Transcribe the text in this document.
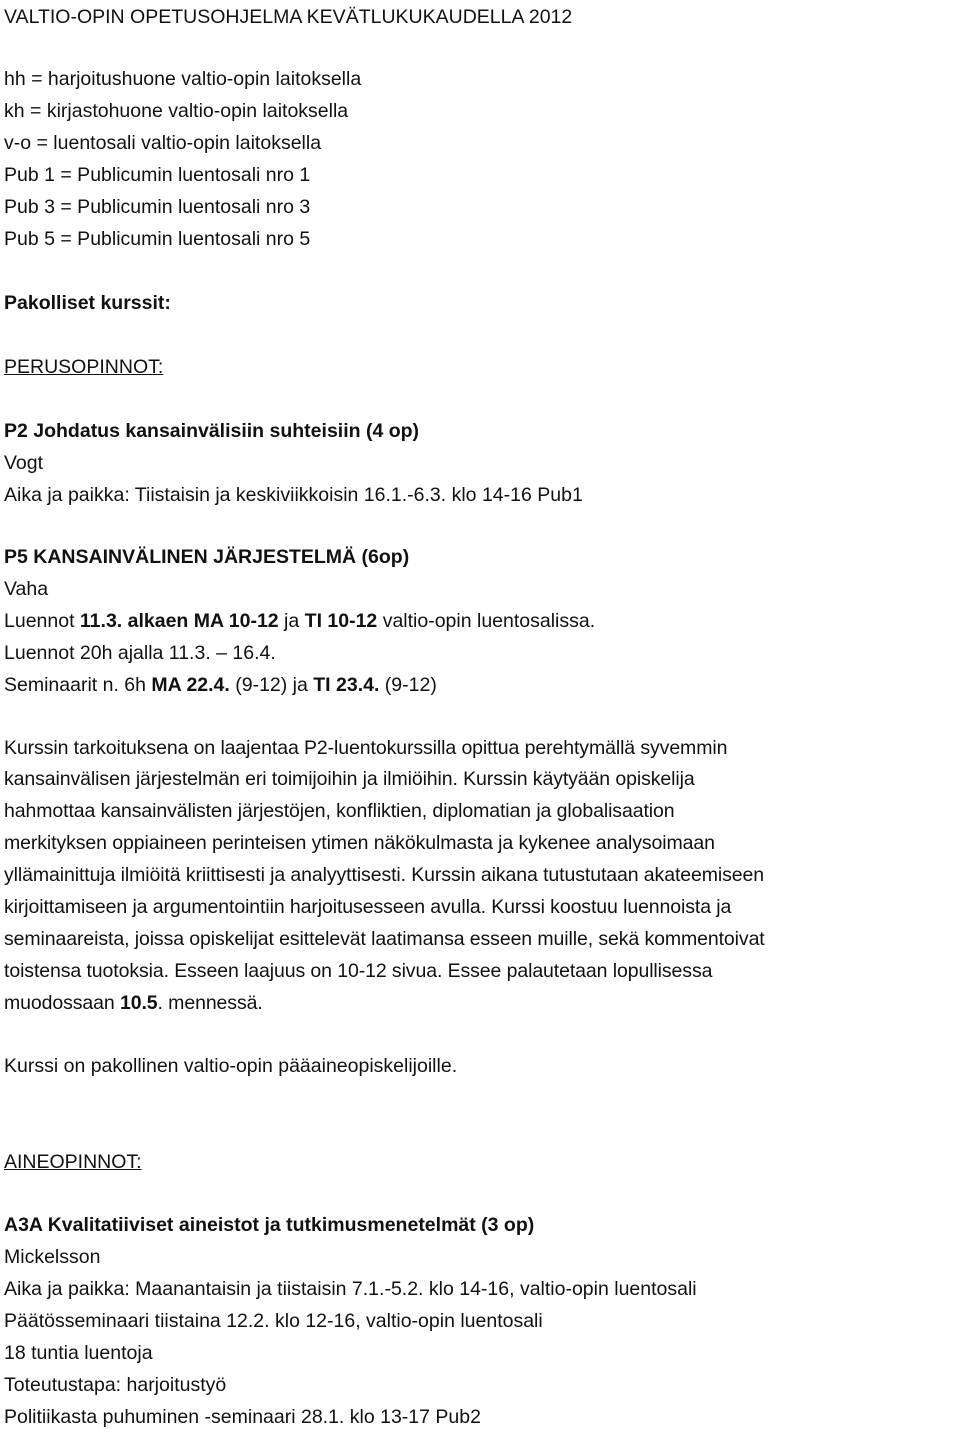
VALTIO-OPIN OPETUSOHJELMA KEVÄTLUKUKAUDELLA 2012
hh = harjoitushuone valtio-opin laitoksella
kh = kirjastohuone valtio-opin laitoksella
v-o = luentosali valtio-opin laitoksella
Pub 1 = Publicumin luentosali nro 1
Pub 3 = Publicumin luentosali nro 3
Pub 5 = Publicumin luentosali nro 5
Pakolliset kurssit:
PERUSOPINNOT:
P2 Johdatus kansainvälisiin suhteisiin (4 op)
Vogt
Aika ja paikka: Tiistaisin ja keskiviikkoisin 16.1.-6.3. klo 14-16 Pub1
P5 KANSAINVÄLINEN JÄRJESTELMÄ (6op)
Vaha
Luennot 11.3. alkaen MA 10-12 ja TI 10-12 valtio-opin luentosalissa.
Luennot 20h ajalla 11.3. – 16.4.
Seminaarit n. 6h MA 22.4. (9-12) ja TI 23.4. (9-12)
Kurssin tarkoituksena on laajentaa P2-luentokurssilla opittua perehtymällä syvemmin
kansainvälisen järjestelmän eri toimijoihin ja ilmiöihin. Kurssin käytyään opiskelija
hahmottaa kansainvälisten järjestöjen, konfliktien, diplomatian ja globalisaation
merkityksen oppiaineen perinteisen ytimen näkökulmasta ja kykenee analysoimaan
yllämainittuja ilmiöitä kriittisesti ja analyyttisesti. Kurssin aikana tutustutaan akateemiseen
kirjoittamiseen ja argumentointiin harjoitusesseen avulla. Kurssi koostuu luennoista ja
seminaareista, joissa opiskelijat esittelevät laatimansa esseen muille, sekä kommentoivat
toistensa tuotoksia. Esseen laajuus on 10-12 sivua. Essee palautetaan lopullisessa
muodossaan 10.5. mennessä.
Kurssi on pakollinen valtio-opin pääaineopiskelijoille.
AINEOPINNOT:
A3A Kvalitatiiviset aineistot ja tutkimusmenetelmät (3 op)
Mickelsson
Aika ja paikka: Maanantaisin ja tiistaisin 7.1.-5.2. klo 14-16, valtio-opin luentosali
Päätösseminaari tiistaina 12.2. klo 12-16, valtio-opin luentosali
18 tuntia luentoja
Toteutustapa: harjoitustyö
Politiikasta puhuminen -seminaari 28.1. klo 13-17 Pub2
